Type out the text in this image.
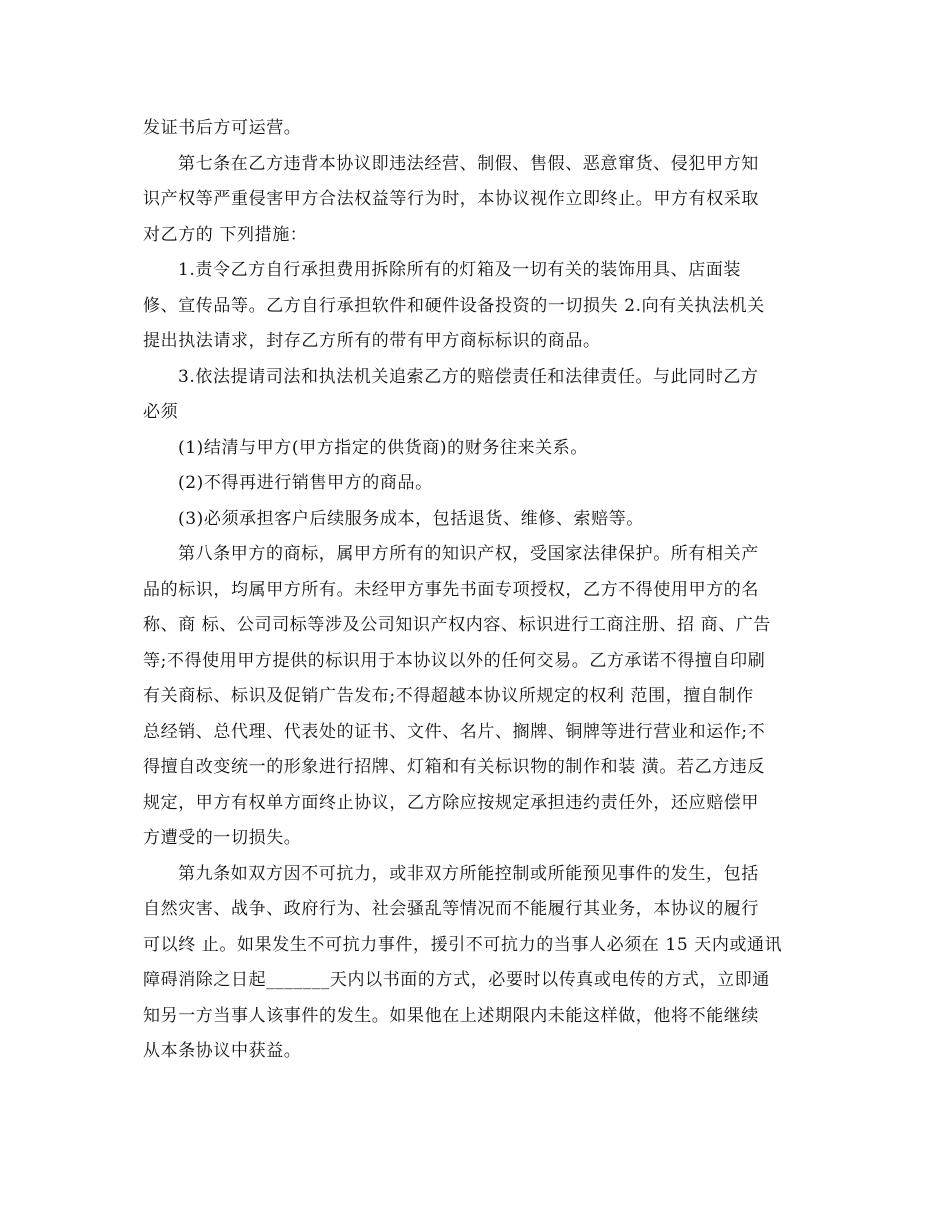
发证书后方可运营。
第七条在乙方违背本协议即违法经营、制假、售假、恶意窜货、侵犯甲方知
识产权等严重侵害甲方合法权益等行为时，本协议视作立即终止。甲方有权采取
对乙方的 下列措施：
1.责令乙方自行承担费用拆除所有的灯箱及一切有关的装饰用具、店面装
修、宣传品等。乙方自行承担软件和硬件设备投资的一切损失 2.向有关执法机关
提出执法请求，封存乙方所有的带有甲方商标标识的商品。
3.依法提请司法和执法机关追索乙方的赔偿责任和法律责任。与此同时乙方
必须
(1)结清与甲方(甲方指定的供货商)的财务往来关系。
(2)不得再进行销售甲方的商品。
(3)必须承担客户后续服务成本，包括退货、维修、索赔等。
第八条甲方的商标，属甲方所有的知识产权，受国家法律保护。所有相关产
品的标识，均属甲方所有。未经甲方事先书面专项授权，乙方不得使用甲方的名
称、商 标、公司司标等涉及公司知识产权内容、标识进行工商注册、招 商、广告
等;不得使用甲方提供的标识用于本协议以外的任何交易。乙方承诺不得擅自印刷
有关商标、标识及促销广告发布;不得超越本协议所规定的权利 范围，擅自制作
总经销、总代理、代表处的证书、文件、名片、搁牌、铜牌等进行营业和运作;不
得擅自改变统一的形象进行招牌、灯箱和有关标识物的制作和装 潢。若乙方违反
规定，甲方有权单方面终止协议，乙方除应按规定承担违约责任外，还应赔偿甲
方遭受的一切损失。
第九条如双方因不可抗力，或非双方所能控制或所能预见事件的发生，包括
自然灾害、战争、政府行为、社会骚乱等情况而不能履行其业务，本协议的履行
可以终 止。如果发生不可抗力事件，援引不可抗力的当事人必须在 15 天内或通讯
障碍消除之日起_______天内以书面的方式，必要时以传真或电传的方式，立即通
知另一方当事人该事件的发生。如果他在上述期限内未能这样做，他将不能继续
从本条协议中获益。
